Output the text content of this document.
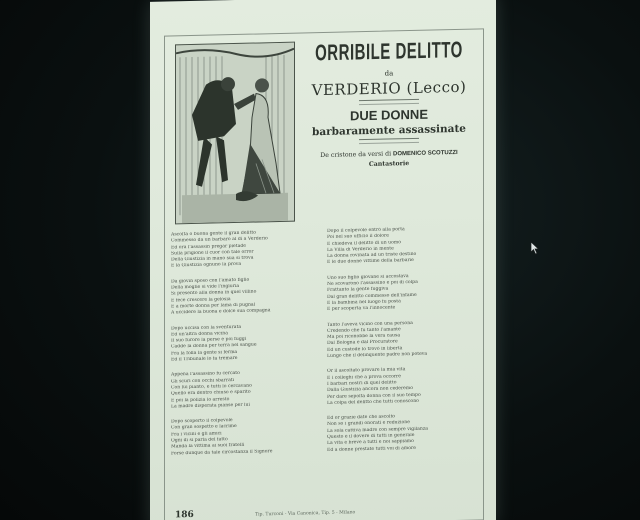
ORRIBILE DELITTO
da
VERDERIO (Lecco)
DUE DONNE
barbaramente assassinate
De cristone da versi di DOMENICO SCOTUZZI
Cantastorie
Ascolta o buona gente il gran delitto
Commesso da un barbaro al di a Verderio
Ed ora l'assassin pregar pietade
Sulla prigione il cuor con tale orror
Della Giustizia in mano sua si trova
E la Giustizia ognuno la prova
Da giovin sposo con l'amato figlio
Della moglie si vide l'ingiuria
Si presentò alla donna in quel villino
E fece crescere la gelosia
E a morte donna per lama di pugnal
A uccidere la buona e dolce sua compagna
Dopo uccisa con la sventurata
Ed un'altra donna vicina
Il suo furore la perse e poi fuggì
Cadde la donna per terra nel sangue
Fra la folla la gente si ferma
Ed il Tribunale lo fa tremare
Appena l'assassino fu cercato
Gli scuri con occhi sbarrati
Con lui pianto, e tutti lo cercavano
Quello era dentro chiuso e sparito
E poi la polizia lo arrestò
La madre disperata pianse per lui
Dopo scoperto il colpevole
Con gran sospetto e lacrime
Fra i vicini e gli amici
Ogni dì si parla del fatto
Manda la vittima ai suoi fratelli
Forse dunque da tale circostanza il Signore
Dopo il colpevole entrò alla porta
Poi nel suo ufficio il dolore
E chiedeva il delitto di un uomo
La Villa di Verderio in mente
La donna rovinata ad un triste destino
E le due donne vittime della barbarie
Uno suo figlio giovane si accostava
Ne scovarono l'assassino e poi di colpa
Frattanto la gente fuggiva
Dal gran delitto commesso dell'infame
E la bambina nel luogo fu posta
E per scoperta va l'innocente
Tanto l'aveva vicino con una persona
Credendo che fu tanto l'amante
Ma poi riconobbe la vera causa
Dal Bologna e dal Procuratore
Ed un custode lo trovò in libertà
Lungo che il delinquente padre non poteva
Or il ascoltato provare la mia vita
E i colleghi che a prova occorre
I barbari nostri di quel delitto
Dalla Giustizia ancora non cederemo
Per dare sepolta donna con il suo tempo
La colpa del delitto che tutti conoscono
Ed or grazie date che ascolto
Non so i grandi onorati e reduzione
La sola cattiva madre con sempre vigilanza
Questo è il dovere di tutti in generale
La vita è breve a tutti e noi sappiamo
Ed a donne prestate tutti voi di amore
186	Tip. Turconi - Via Canonica, Tip. 5 - Milano
